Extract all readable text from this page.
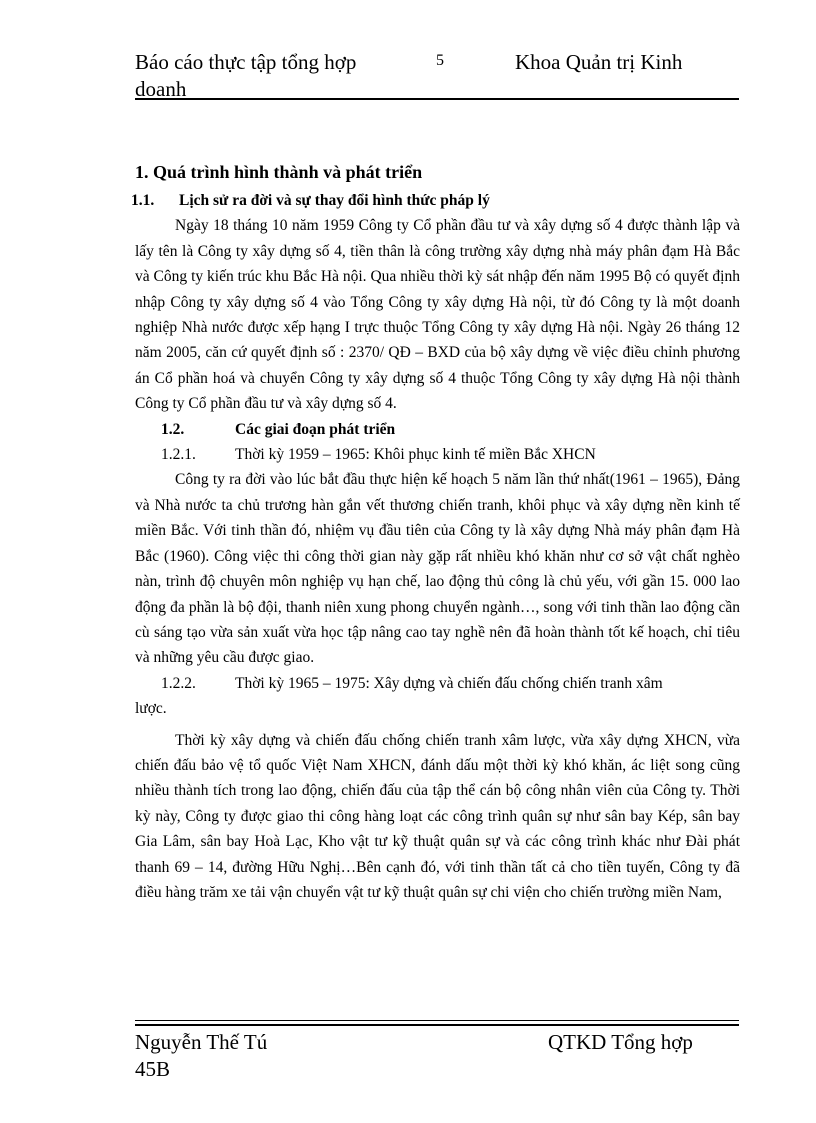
Báo cáo thực tập tổng hợp
doanh
5	Khoa Quản trị Kinh
1. Quá trình hình thành và phát triển
1.1.	Lịch sử ra đời và sự thay đổi hình thức pháp lý

Ngày 18 tháng 10 năm 1959 Công ty Cổ phần đầu tư và xây dựng số 4 được thành lập và lấy tên là Công ty xây dựng số 4, tiền thân là công trường xây dựng nhà máy phân đạm Hà Bắc và Công ty kiến trúc khu Bắc Hà nội. Qua nhiều thời kỳ sát nhập đến năm 1995 Bộ có quyết định nhập Công ty xây dựng số 4 vào Tổng Công ty xây dựng Hà nội, từ đó Công ty là một doanh nghiệp Nhà nước được xếp hạng I trực thuộc Tổng Công ty xây dựng Hà nội. Ngày 26 tháng 12 năm 2005, căn cứ quyết định số : 2370/ QĐ – BXD của bộ xây dựng về việc điều chỉnh phương án Cổ phần hoá và chuyển Công ty xây dựng số 4 thuộc Tổng Công ty xây dựng Hà nội thành Công ty Cổ phần đầu tư và xây dựng số 4.

1.2.	Các giai đoạn phát triển
1.2.1.	Thời kỳ 1959 – 1965: Khôi phục kinh tế miền Bắc XHCN

Công ty ra đời vào lúc bắt đầu thực hiện kế hoạch 5 năm lần thứ nhất(1961 – 1965), Đảng và Nhà nước ta chủ trương hàn gắn vết thương chiến tranh, khôi phục và xây dựng nền kinh tế miền Bắc. Với tinh thần đó, nhiệm vụ đầu tiên của Công ty là xây dựng Nhà máy phân đạm Hà Bắc (1960). Công việc thi công thời gian này gặp rất nhiều khó khăn như cơ sở vật chất nghèo nàn, trình độ chuyên môn nghiệp vụ hạn chế, lao động thủ công là chủ yếu, với gần 15. 000 lao động đa phần là bộ đội, thanh niên xung phong chuyển ngành…, song với tinh thần lao động cần cù sáng tạo vừa sản xuất vừa học tập nâng cao tay nghề nên đã hoàn thành tốt kế hoạch, chỉ tiêu và những yêu cầu được giao.

1.2.2.	Thời kỳ 1965 – 1975: Xây dựng và chiến đấu chống chiến tranh xâm

lược.

Thời kỳ xây dựng và chiến đấu chống chiến tranh xâm lược, vừa xây dựng XHCN, vừa chiến đấu bảo vệ tổ quốc Việt Nam XHCN, đánh dấu một thời kỳ khó khăn, ác liệt song cũng nhiều thành tích trong lao động, chiến đấu của tập thể cán bộ công nhân viên của Công ty. Thời kỳ này, Công ty được giao thi công hàng loạt các công trình quân sự như sân bay Kép, sân bay Gia Lâm, sân bay Hoà Lạc, Kho vật tư kỹ thuật quân sự và các công trình khác như Đài phát thanh 69 – 14, đường Hữu Nghị…Bên cạnh đó, với tinh thần tất cả cho tiền tuyến, Công ty đã điều hàng trăm xe tải vận chuyển vật tư kỹ thuật quân sự chi viện cho chiến trường miền Nam,

Nguyễn Thế Tú
45B
QTKD Tổng hợp
